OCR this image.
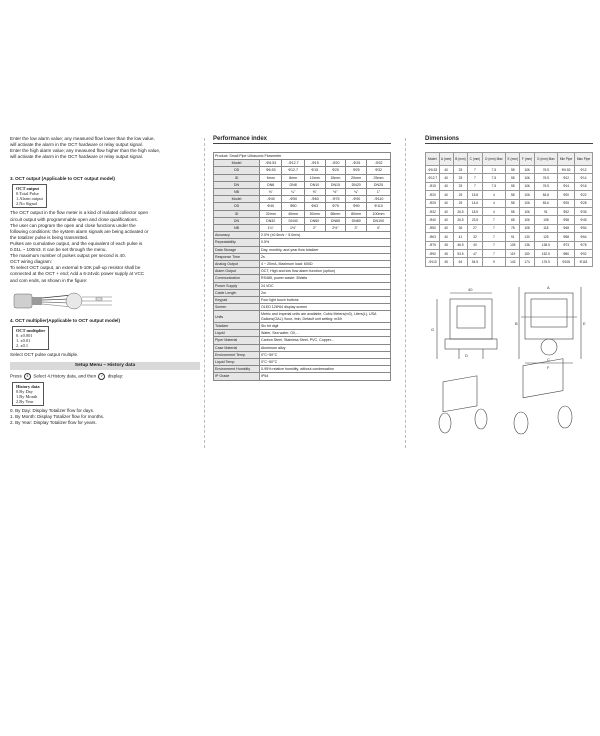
Enter the low alarm value; any measured flow lower than the low value,

will activate the alarm in the OCT hardware or relay output signal.

Enter the high alarm value; any measured flow higher than the high value,

will activate the alarm in the OCT hardware or relay output signal.

3. OCT output (Applicable to OCT output model)

OCT output
0.Total Pulse
1.Alarm output
2.No Signal

The OCT output in the flow meter is a kind of isolated collector open

circuit output with programmable open and close qualifications.

The user can program the open and close functions under the

following conditions: the system alarm signals are being activated or

the totalizer pulse is being transmitted.

Pulses are cumulative output, and the equivalent of each pulse is

0.01L ~ 100m3. It can be set through the menu.

The maximum number of pulses output per second is 40.

OCT wiring diagram:

To select OCT output, an external 5-10K pull-up resistor shall be

connected at the OCT + end; Add a 6-24vdc power supply at VCC

and com ends, as shown in the figure:

4. OCT multiplier(Applicable to OCT output model)

OCT multiplier
0. x0.001
1. x0.01
2. x0.1

Select OCT pulse output multiple.

Setup Menu – History data

Press 4 Select 4.History data, and then ✓ display:

History data
0.By Day
1.By Month
2.By Year

0. By Day: Display Totalizer flow for days.

1. By Month: Display Totalizer flow for months.

2. By Year: Display Totalizer flow for years.

Performance index
Product: Small Pipe Ultrasonic Flowmeter						
Model	-Φ6.53	-Φ12.7	-Φ15	-Φ20	-Φ25	-Φ32
OD	Φ6.53	Φ12.7	Φ15	Φ20	Φ25	Φ32
ID	6mm	8mm	10mm	15mm	20mm	25mm
DN	DN6	DN8	DN10	DN15	DN20	DN25
NB	⅛"	¼"	⅜"	½"	¾"	1"
Model	-Φ40	-Φ50	-Φ63	-Φ75	-Φ90	-Φ110
OD	Φ40	Φ50	Φ63	Φ75	Φ90	Φ110
ID	32mm	40mm	50mm	65mm	80mm	100mm
DN	DN32	DN40	DN50	DN65	DN80	DN100
NB	1¼"	1½"	2"	2½"	3"	4"
Accuracy	2.0% (±0.5m/s ~ 5.0m/s)					
Repeatability	0.5%					
Data Storage	Day, monthly, and year flow totalizer					
Response Time	2s					
Analog Output	4 ~ 20mA, Maximum load: 600Ω					
Alarm Output	OCT, High and low flow alarm function (option)					
Communication	RS485, power waste: 3Watts					
Power Supply	24 VDC					
Cable Length	2m					
Keypad	Four light touch buttons					
Screen	OLED 128*64 display screen					
Units	Metric and imperial units are available, Cubic Meters(m3), Liters(L), USA Gallons(GAL) /hour, /min, Default unit setting: m3/h					
Totalizer	Six bit digit					
Liquid	Water, Sea water, Oil,...					
Piper Material	Carbon Steel, Stainless Steel, PVC, Copper...					
Case Material	Aluminum alloy					
Environment Temp.	0°C~50°C					
Liquid Temp.	0°C~50°C					
Environment Humidity	0-95% relative humidity, without condensation					
IP Grade	IP54					
Dimensions
Model	A (mm)	B (mm)	C (mm)	D (mm) Max	E (mm)	F (mm)	G (mm) Max	Min Pipe	Max Pipe
-Φ6.53	40	25	7	7.5	58	106	76.5	Φ6.53	Φ12
-Φ12.7	40	25	7	7.5	58	106	76.5	Φ12	Φ14
-Φ15	40	25	7	7.5	58	106	76.5	Φ14	Φ16
-Φ20	40	25	15.8	4	58	106	84.8	Φ20	Φ22
-Φ25	40	25	14.6	4	58	106	83.6	Φ25	Φ28
-Φ32	40	26.5	18.5	4	58	106	91	Φ32	Φ35
-Φ40	40	26.5	23.5	7	68	106	108	Φ38	Φ45
-Φ50	40	36	27	7	78	108	118	Φ48	Φ54
-Φ63	40	41	32	7	91	130	125	Φ58	Φ64
-Φ75	45	46.5	40	7	105	136	138.5	Φ73	Φ78
-Φ90	45	53.5	47	7	119	150	152.5	Φ80	Φ92
-Φ110	45	64	54.5	9	143	174	176.5	Φ108	Φ118
40
G
D
E
B
F
A
C
